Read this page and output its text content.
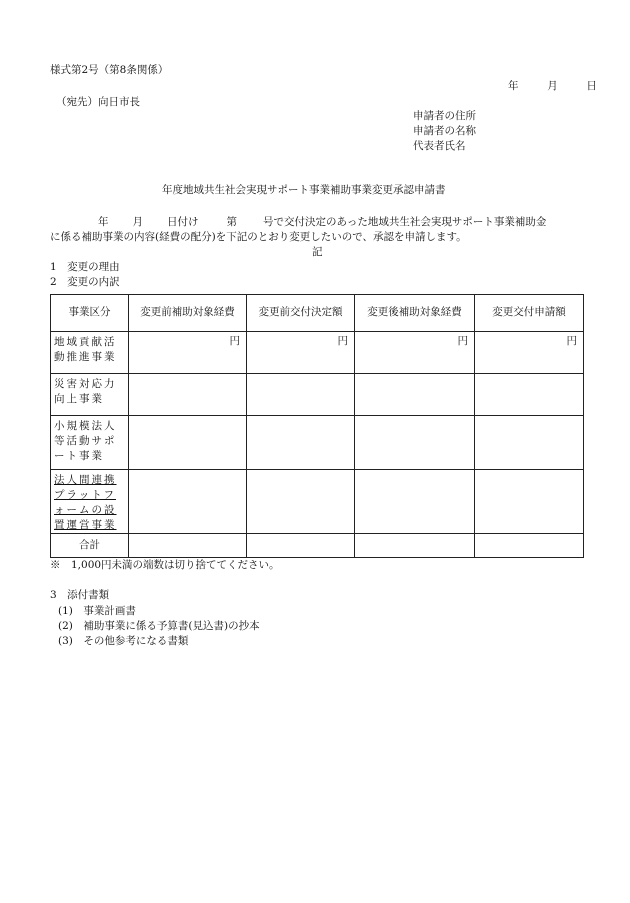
様式第2号（第8条関係）
年	月	日
（宛先）向日市長
申請者の住所
申請者の名称
代表者氏名
年度地域共生社会実現サポート事業補助事業変更承認申請書
年 月 日付け	第 号で交付決定のあった地域共生社会実現サポート事業補助金
に係る補助事業の内容(経費の配分)を下記のとおり変更したいので、承認を申請します。
記
1　変更の理由
2　変更の内訳
事業区分	変更前補助対象経費	変更前交付決定額	変更後補助対象経費	変更交付申請額
地域貢献活動推進事業	円	円	円	円
災害対応力向上事業				
小規模法人等活動サポート事業				
法人間連携プラットフォームの設置運営事業				
合計				
※　1,000円未満の端数は切り捨ててください。
3　添付書類
(1)　事業計画書
(2)　補助事業に係る予算書(見込書)の抄本
(3)　その他参考になる書類
